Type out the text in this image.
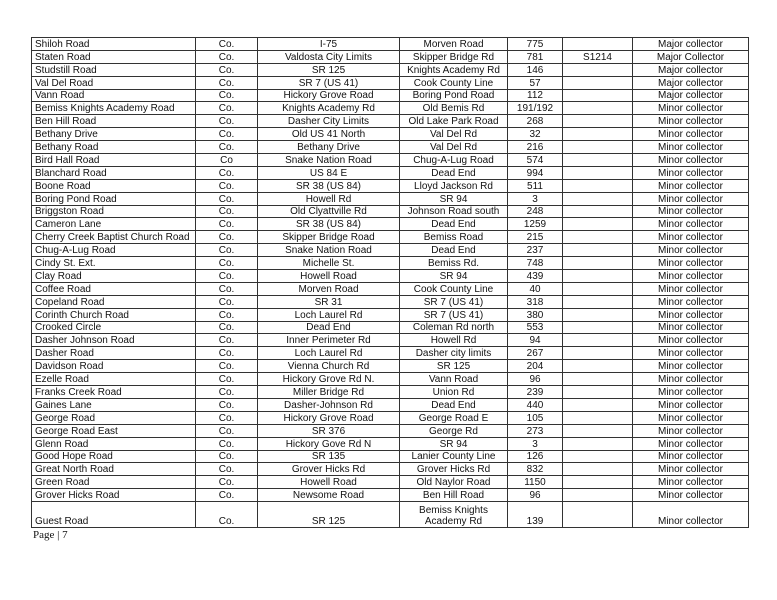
Shiloh Road	Co.	I-75	Morven Road	775		Major collector
Staten Road	Co.	Valdosta City Limits	Skipper Bridge Rd	781	S1214	Major Collector
Studstill Road	Co.	SR 125	Knights Academy Rd	146		Major collector
Val Del Road	Co.	SR 7 (US 41)	Cook County Line	57		Major collector
Vann Road	Co.	Hickory Grove Road	Boring Pond Road	112		Major collector
Bemiss Knights Academy Road	Co.	Knights Academy Rd	Old Bemis Rd	191/192		Minor collector
Ben Hill Road	Co.	Dasher City Limits	Old Lake Park Road	268		Minor collector
Bethany Drive	Co.	Old US 41 North	Val Del Rd	32		Minor collector
Bethany Road	Co.	Bethany Drive	Val Del Rd	216		Minor collector
Bird Hall Road	Co	Snake Nation Road	Chug-A-Lug Road	574		Minor collector
Blanchard Road	Co.	US 84 E	Dead End	994		Minor collector
Boone Road	Co.	SR 38 (US 84)	Lloyd Jackson Rd	511		Minor collector
Boring Pond Road	Co.	Howell Rd	SR 94	3		Minor collector
Briggston Road	Co.	Old Clyattville Rd	Johnson Road south	248		Minor collector
Cameron Lane	Co.	SR 38 (US 84)	Dead End	1259		Minor collector
Cherry Creek Baptist Church Road	Co.	Skipper Bridge Road	Bemiss Road	215		Minor collector
Chug-A-Lug Road	Co.	Snake Nation Road	Dead End	237		Minor collector
Cindy St. Ext.	Co.	Michelle St.	Bemiss Rd.	748		Minor collector
Clay Road	Co.	Howell Road	SR 94	439		Minor collector
Coffee Road	Co.	Morven Road	Cook County Line	40		Minor collector
Copeland Road	Co.	SR 31	SR 7 (US 41)	318		Minor collector
Corinth Church Road	Co.	Loch Laurel Rd	SR 7 (US 41)	380		Minor collector
Crooked Circle	Co.	Dead End	Coleman Rd north	553		Minor collector
Dasher Johnson Road	Co.	Inner Perimeter Rd	Howell Rd	94		Minor collector
Dasher Road	Co.	Loch Laurel Rd	Dasher city limits	267		Minor collector
Davidson Road	Co.	Vienna Church Rd	SR 125	204		Minor collector
Ezelle Road	Co.	Hickory Grove Rd N.	Vann Road	96		Minor collector
Franks Creek Road	Co.	Miller Bridge Rd	Union Rd	239		Minor collector
Gaines Lane	Co.	Dasher-Johnson Rd	Dead End	440		Minor collector
George Road	Co.	Hickory Grove Road	George Road E	105		Minor collector
George Road East	Co.	SR 376	George Rd	273		Minor collector
Glenn Road	Co.	Hickory Gove Rd N	SR 94	3		Minor collector
Good Hope Road	Co.	SR 135	Lanier County Line	126		Minor collector
Great North Road	Co.	Grover Hicks Rd	Grover Hicks Rd	832		Minor collector
Green Road	Co.	Howell Road	Old Naylor Road	1150		Minor collector
Grover Hicks Road	Co.	Newsome Road	Ben Hill Road	96		Minor collector
Guest Road	Co.	SR 125	Bemiss Knights Academy Rd	139		Minor collector
Page | 7
